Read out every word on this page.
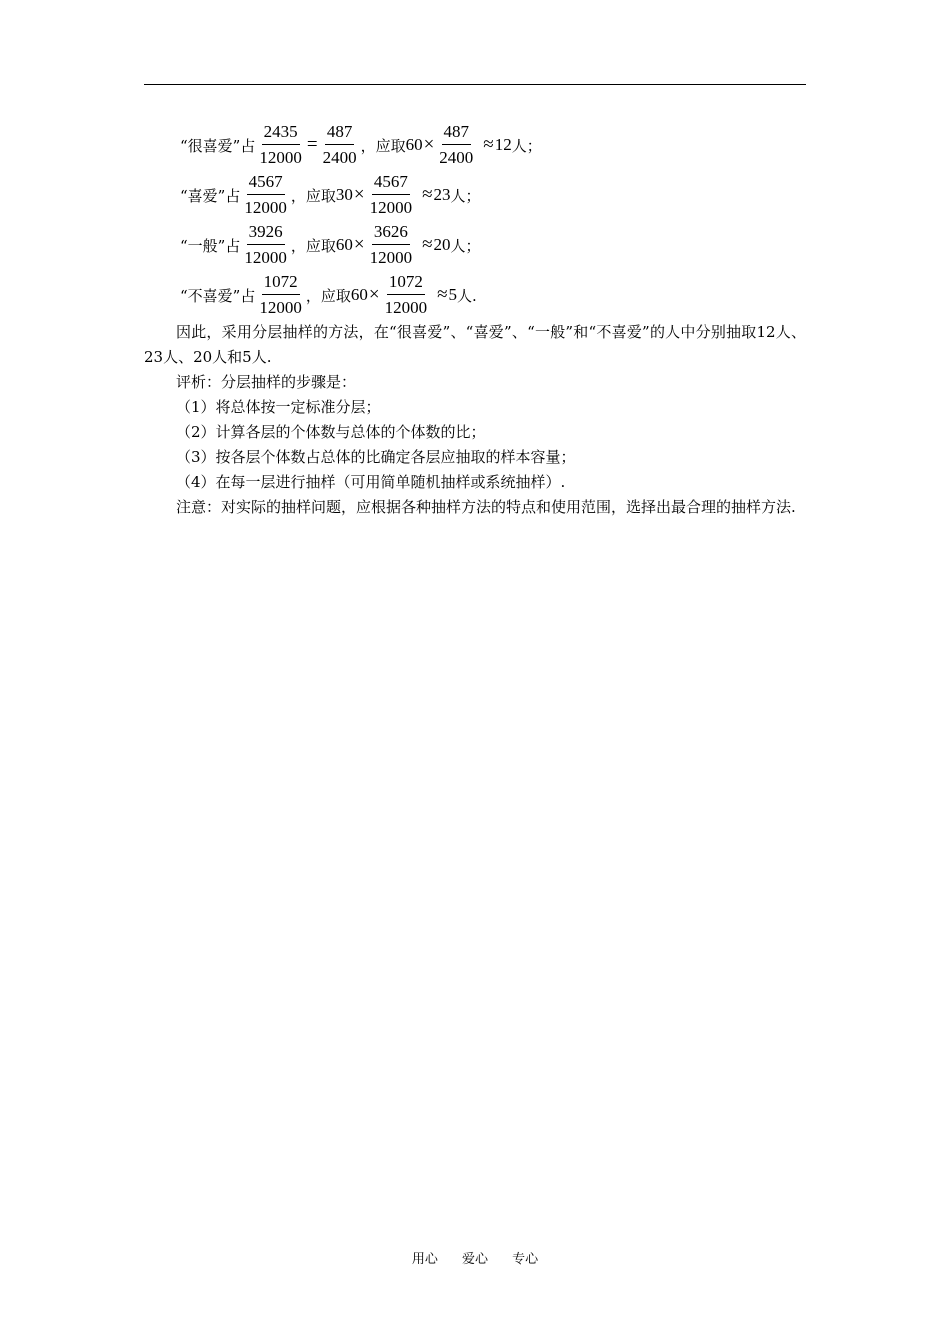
“很喜爱”占 $\frac{2435}{12000} = \frac{487}{2400}$ ，应取 $60 \times \frac{487}{2400} \approx 12$ 人；
“喜爱”占 $\frac{4567}{12000}$ ，应取 $30 \times \frac{4567}{12000} \approx 23$ 人；
“一般”占 $\frac{3926}{12000}$ ，应取 $60 \times \frac{3626}{12000} \approx 20$ 人；
“不喜爱”占 $\frac{1072}{12000}$ ，应取 $60 \times \frac{1072}{12000} \approx 5$ 人.

因此，采用分层抽样的方法，在“很喜爱”、“喜爱”、“一般”和“不喜爱”的人中分别抽取12人、23人、20人和5人.

评析：分层抽样的步骤是：

（1）将总体按一定标准分层；

（2）计算各层的个体数与总体的个体数的比；

（3）按各层个体数占总体的比确定各层应抽取的样本容量；

（4）在每一层进行抽样（可用简单随机抽样或系统抽样）.

注意：对实际的抽样问题，应根据各种抽样方法的特点和使用范围，选择出最合理的抽样方法.

用心 爱心 专心
